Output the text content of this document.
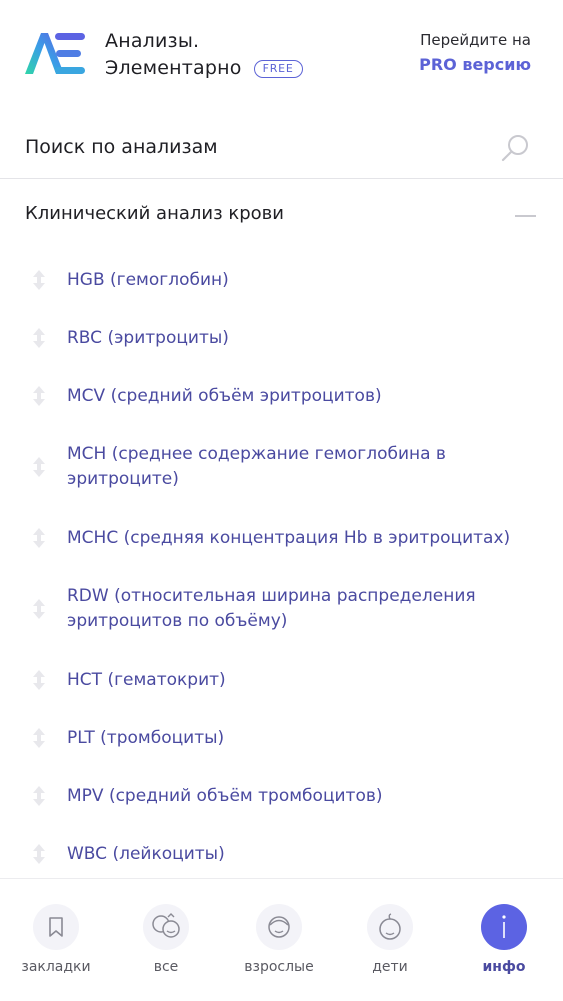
Анализы.
Элементарно	FREE
Перейдите на
PRO версию
Поиск по анализам
Клинический анализ крови
HGB (гемоглобин)
RBC (эритроциты)
MCV (средний объём эритроцитов)
MCH (среднее содержание гемоглобина в эритроците)
MCHC (средняя концентрация Hb в эритроцитах)
RDW (относительная ширина распределения эритроцитов по объёму)
HCT (гематокрит)
PLT (тромбоциты)
MPV (средний объём тромбоцитов)
WBC (лейкоциты)
закладки	все	взрослые	дети	инфо
